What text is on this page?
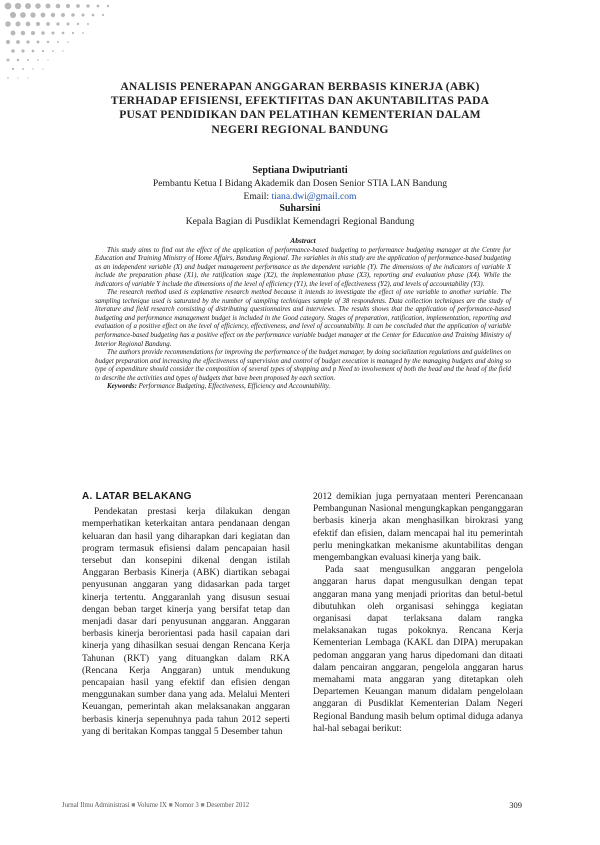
ANALISIS PENERAPAN ANGGARAN BERBASIS KINERJA (ABK)
TERHADAP EFISIENSI, EFEKTIFITAS DAN AKUNTABILITAS PADA
PUSAT PENDIDIKAN DAN PELATIHAN KEMENTERIAN DALAM
NEGERI REGIONAL BANDUNG
Septiana Dwiputrianti
Pembantu Ketua I Bidang Akademik dan Dosen Senior STIA LAN Bandung
Email: tiana.dwi@gmail.com
Suharsini
Kepala Bagian di Pusdiklat Kemendagri Regional Bandung
Abstract

This study aims to find out the effect of the application of performance-based budgeting to performance budgeting manager at the Centre for Education and Training Ministry of Home Affairs, Bandung Regional. The variables in this study are the application of performance-based budgeting as an independent variable (X) and budget management performance as the dependent variable (Y). The dimensions of the indicators of variable X include the preparation phase (X1), the ratification stage (X2), the implementation phase (X3), reporting and evaluation phase (X4). While the indicators of variable Y include the dimensions of the level of efficiency (Y1), the level of effectiveness (Y2), and levels of accountability (Y3).

The research method used is explanative research method because it intends to investigate the effect of one variable to another variable. The sampling technique used is saturated by the number of sampling techniques sample of 38 respondents. Data collection techniques are the study of literature and field research consisting of distributing questionnaires and interviews. The results shows that the application of performance-based budgeting and performance management budget is included in the Good category. Stages of preparation, ratification, implementation, reporting and evaluation of a positive effect on the level of efficiency, effectiveness, and level of accountability. It can be concluded that the application of variable performance-based budgeting has a positive effect on the performance variable budget manager at the Center for Education and Training Ministry of Interior Regional Bandung.

The authors provide recommendations for improving the performance of the budget manager, by doing socialization regulations and guidelines on budget preparation and increasing the effectiveness of supervision and control of budget execution is managed by the managing budgets and doing so type of expenditure should consider the composition of several types of shopping and p Need to involvement of both the head and the head of the field to describe the activities and types of budgets that have been proposed by each section.

Keywords: Performance Budgeting, Effectiveness, Efficiency and Accountability.

A. LATAR BELAKANG

Pendekatan prestasi kerja dilakukan dengan memperhatikan keterkaitan antara pendanaan dengan keluaran dan hasil yang diharapkan dari kegiatan dan program termasuk efisiensi dalam pencapaian hasil tersebut dan konsepini dikenal dengan istilah Anggaran Berbasis Kinerja (ABK) diartikan sebagai penyusunan anggaran yang didasarkan pada target kinerja tertentu. Anggaranlah yang disusun sesuai dengan beban target kinerja yang bersifat tetap dan menjadi dasar dari penyusunan anggaran. Anggaran berbasis kinerja berorientasi pada hasil capaian dari kinerja yang dihasilkan sesuai dengan Rencana Kerja Tahunan (RKT) yang dituangkan dalam RKA (Rencana Kerja Anggaran) untuk mendukung pencapaian hasil yang efektif dan efisien dengan menggunakan sumber dana yang ada. Melalui Menteri Keuangan, pemerintah akan melaksanakan anggaran berbasis kinerja sepenuhnya pada tahun 2012 seperti yang di beritakan Kompas tanggal 5 Desember tahun

2012 demikian juga pernyataan menteri Perencanaan Pembangunan Nasional mengungkapkan penganggaran berbasis kinerja akan menghasilkan birokrasi yang efektif dan efisien, dalam mencapai hal itu pemerintah perlu meningkatkan mekanisme akuntabilitas dengan mengembangkan evaluasi kinerja yang baik.

Pada saat mengusulkan anggaran pengelola anggaran harus dapat mengusulkan dengan tepat anggaran mana yang menjadi prioritas dan betul-betul dibutuhkan oleh organisasi sehingga kegiatan organisasi dapat terlaksana dalam rangka melaksanakan tugas pokoknya. Rencana Kerja Kementerian Lembaga (KAKL dan DIPA) merupakan pedoman anggaran yang harus dipedomani dan ditaati dalam pencairan anggaran, pengelola anggaran harus memahami mata anggaran yang ditetapkan oleh Departemen Keuangan manum didalam pengelolaan anggaran di Pusdiklat Kementerian Dalam Negeri Regional Bandung masih belum optimal diduga adanya hal-hal sebagai berikut:

Jurnal Ilmu Administrasi ■ Volume IX ■ Nomor 3 ■ Desember 2012	309
